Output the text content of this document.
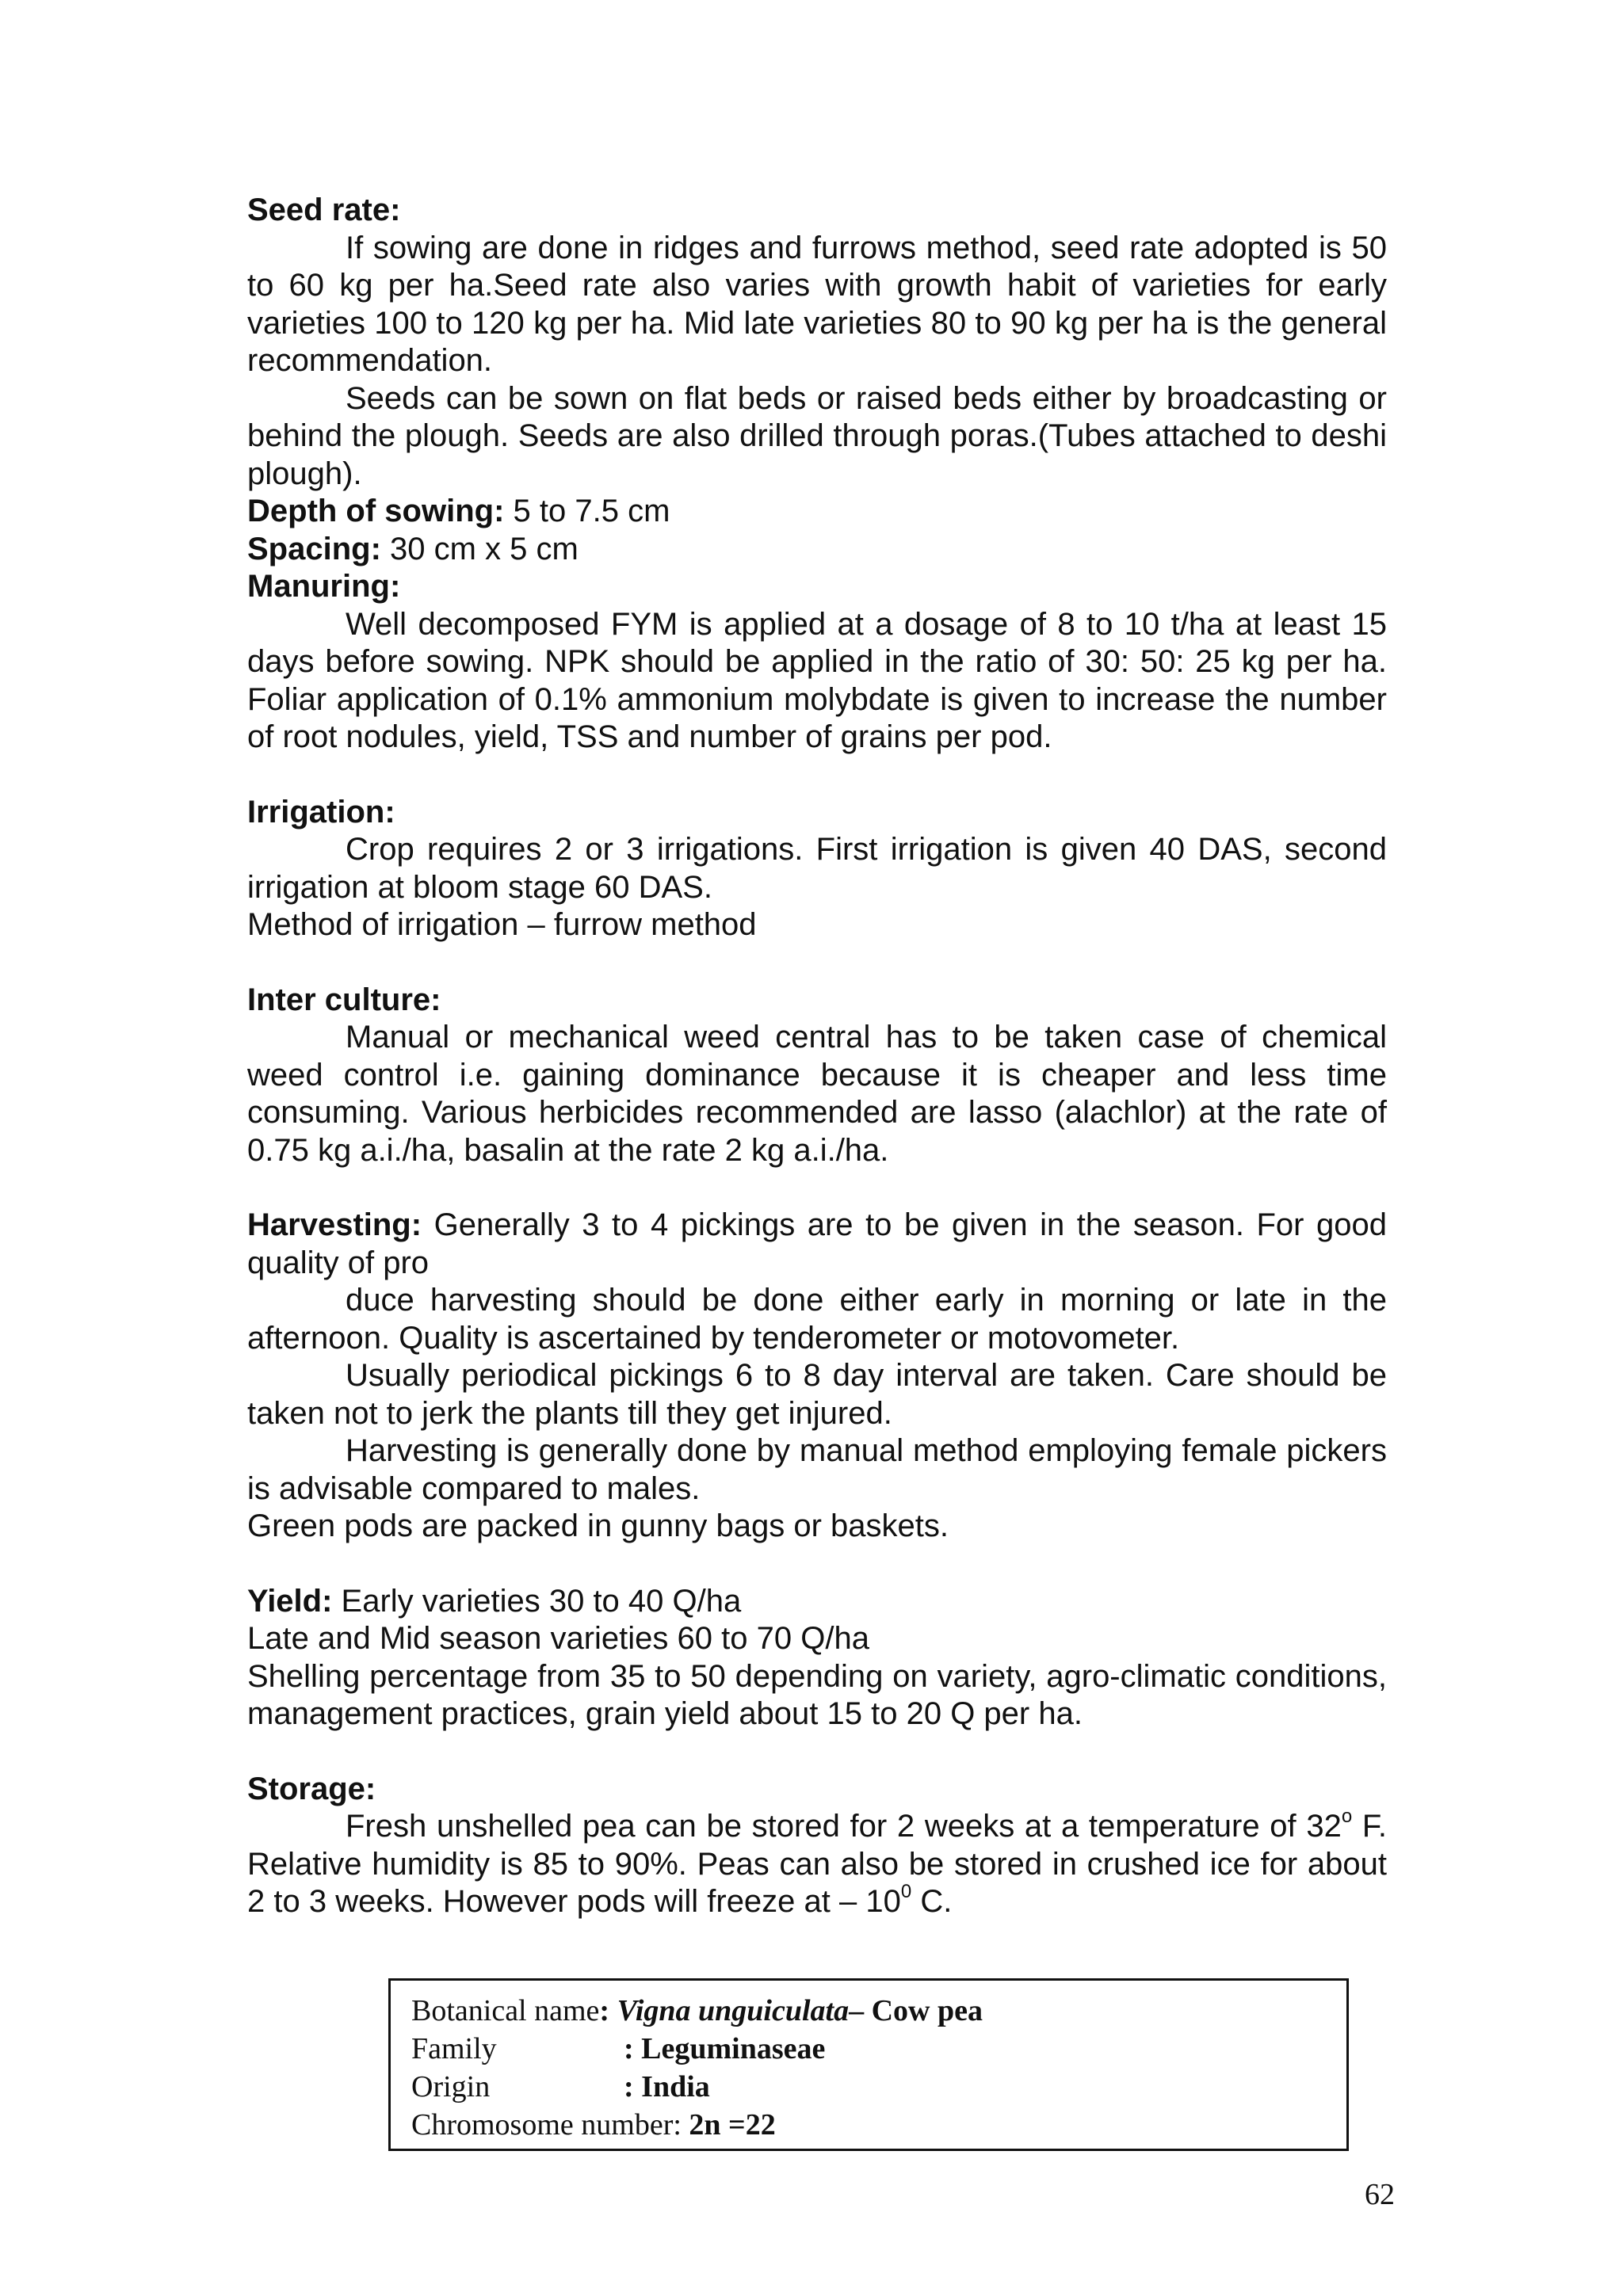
Seed rate:

If sowing are done in ridges and furrows method, seed rate adopted is 50 to 60 kg per ha.Seed rate also varies with growth habit of varieties for early varieties 100 to 120 kg per ha. Mid late varieties 80 to 90 kg per ha is the general recommendation.

Seeds can be sown on flat beds or raised beds either by broadcasting or behind the plough. Seeds are also drilled through poras.(Tubes attached to deshi plough).

Depth of sowing: 5 to 7.5 cm

Spacing: 30 cm x 5 cm

Manuring:

Well decomposed FYM is applied at a dosage of 8 to 10 t/ha at least 15 days before sowing. NPK should be applied in the ratio of 30: 50: 25 kg per ha. Foliar application of 0.1% ammonium molybdate is given to increase the number of root nodules, yield, TSS and number of grains per pod.

Irrigation:

Crop requires 2 or 3 irrigations. First irrigation is given 40 DAS, second irrigation at bloom stage 60 DAS.

Method of irrigation – furrow method

Inter culture:

Manual or mechanical weed central has to be taken case of chemical weed control i.e. gaining dominance because it is cheaper and less time consuming. Various herbicides recommended are lasso (alachlor) at the rate of 0.75 kg a.i./ha, basalin at the rate 2 kg a.i./ha.

Harvesting: Generally 3 to 4 pickings are to be given in the season. For good quality of pro

duce harvesting should be done either early in morning or late in the afternoon. Quality is ascertained by tenderometer or motovometer.

Usually periodical pickings 6 to 8 day interval are taken. Care should be taken not to jerk the plants till they get injured.

Harvesting is generally done by manual method employing female pickers is advisable compared to males.

Green pods are packed in gunny bags or baskets.

Yield: Early varieties 30 to 40 Q/ha

Late and Mid season varieties 60 to 70 Q/ha

Shelling percentage from 35 to 50 depending on variety, agro-climatic conditions, management practices, grain yield about 15 to 20 Q per ha.

Storage:

Fresh unshelled pea can be stored for 2 weeks at a temperature of 32$^o$ F. Relative humidity is 85 to 90%. Peas can also be stored in crushed ice for about 2 to 3 weeks. However pods will freeze at – $10^0$ C.

Botanical name: Vigna unguiculata– Cow pea
Family	: Leguminaseae
Origin	: India
Chromosome number: 2n =22
62
